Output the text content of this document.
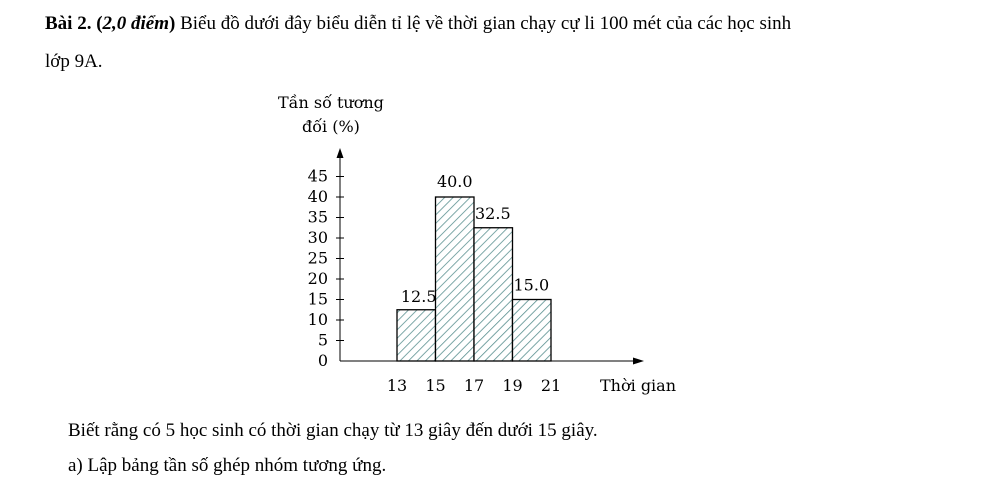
Bài 2. (2,0 điểm) Biểu đồ dưới đây biểu diễn tỉ lệ về thời gian chạy cự li 100 mét của các học sinh
lớp 9A.
Tần số tương
đối (%)
0
5
10
15
20
25
30
35
40
45
12.5
40.0
32.5
15.0
13 15 17 19 21 Thời gian
Biết rằng có 5 học sinh có thời gian chạy từ 13 giây đến dưới 15 giây.
a) Lập bảng tần số ghép nhóm tương ứng.
